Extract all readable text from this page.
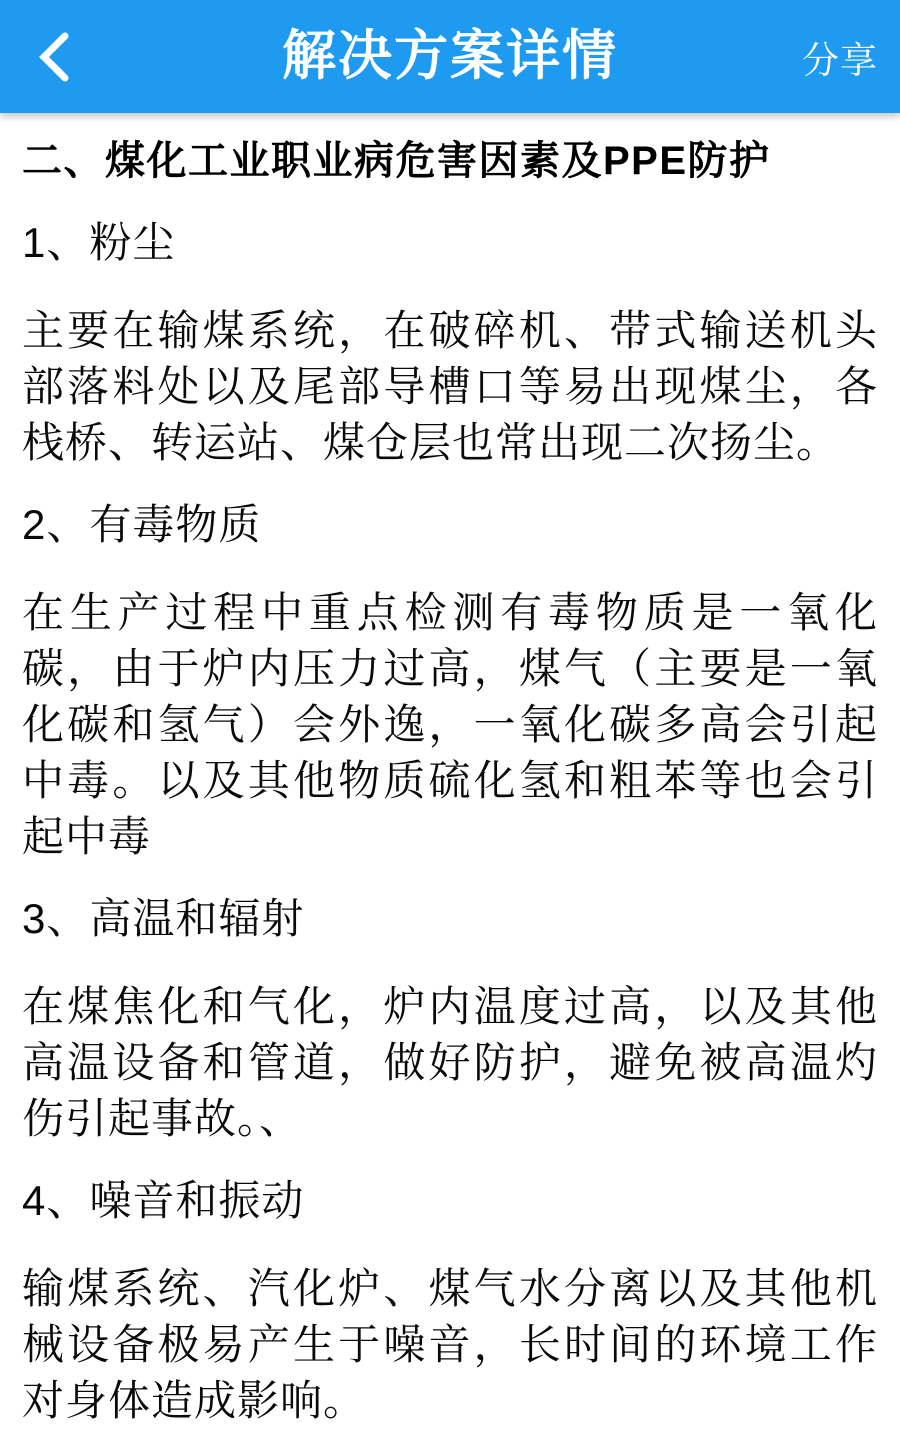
解决方案详情	分享
二、煤化工业职业病危害因素及PPE防护
1、粉尘

主要在输煤系统，在破碎机、带式输送机头部落料处以及尾部导槽口等易出现煤尘，各栈桥、转运站、煤仓层也常出现二次扬尘。

2、有毒物质

在生产过程中重点检测有毒物质是一氧化碳，由于炉内压力过高，煤气（主要是一氧化碳和氢气）会外逸，一氧化碳多高会引起中毒。以及其他物质硫化氢和粗苯等也会引起中毒

3、高温和辐射

在煤焦化和气化，炉内温度过高，以及其他高温设备和管道，做好防护，避免被高温灼伤引起事故。、

4、噪音和振动

输煤系统、汽化炉、煤气水分离以及其他机械设备极易产生于噪音，长时间的环境工作对身体造成影响。
